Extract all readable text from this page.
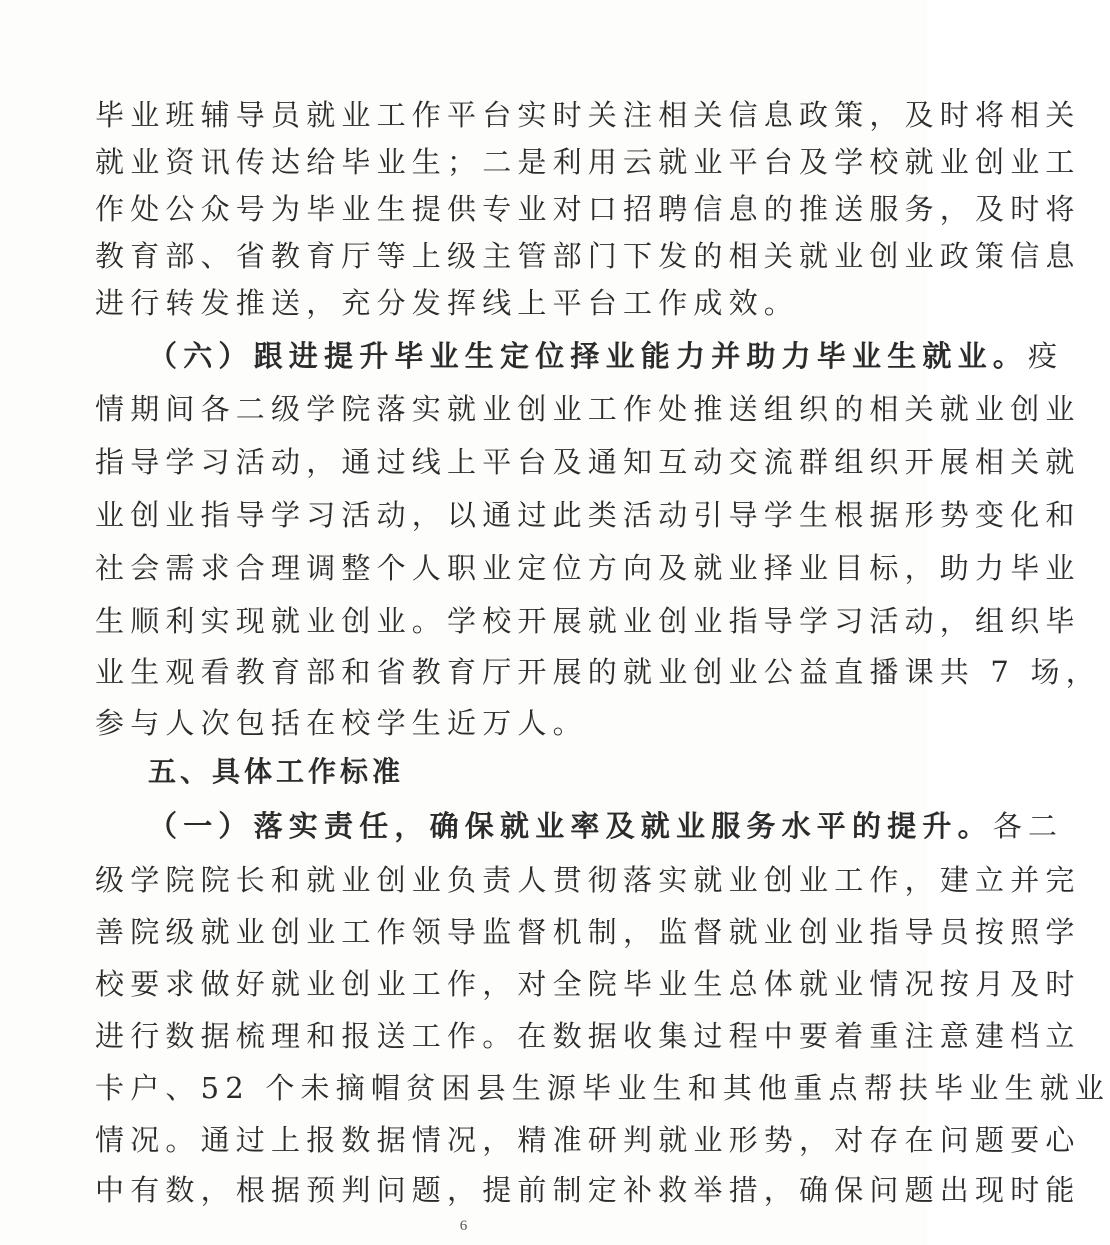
毕业班辅导员就业工作平台实时关注相关信息政策，及时将相关
就业资讯传达给毕业生；二是利用云就业平台及学校就业创业工
作处公众号为毕业生提供专业对口招聘信息的推送服务，及时将
教育部、省教育厅等上级主管部门下发的相关就业创业政策信息
进行转发推送，充分发挥线上平台工作成效。
（六）跟进提升毕业生定位择业能力并助力毕业生就业。疫
情期间各二级学院落实就业创业工作处推送组织的相关就业创业
指导学习活动，通过线上平台及通知互动交流群组织开展相关就
业创业指导学习活动，以通过此类活动引导学生根据形势变化和
社会需求合理调整个人职业定位方向及就业择业目标，助力毕业
生顺利实现就业创业。学校开展就业创业指导学习活动，组织毕
业生观看教育部和省教育厅开展的就业创业公益直播课共 7 场，
参与人次包括在校学生近万人。
五、具体工作标准
（一）落实责任，确保就业率及就业服务水平的提升。各二
级学院院长和就业创业负责人贯彻落实就业创业工作，建立并完
善院级就业创业工作领导监督机制，监督就业创业指导员按照学
校要求做好就业创业工作，对全院毕业生总体就业情况按月及时
进行数据梳理和报送工作。在数据收集过程中要着重注意建档立
卡户、52 个未摘帽贫困县生源毕业生和其他重点帮扶毕业生就业
情况。通过上报数据情况，精准研判就业形势，对存在问题要心
中有数，根据预判问题，提前制定补救举措，确保问题出现时能
6
